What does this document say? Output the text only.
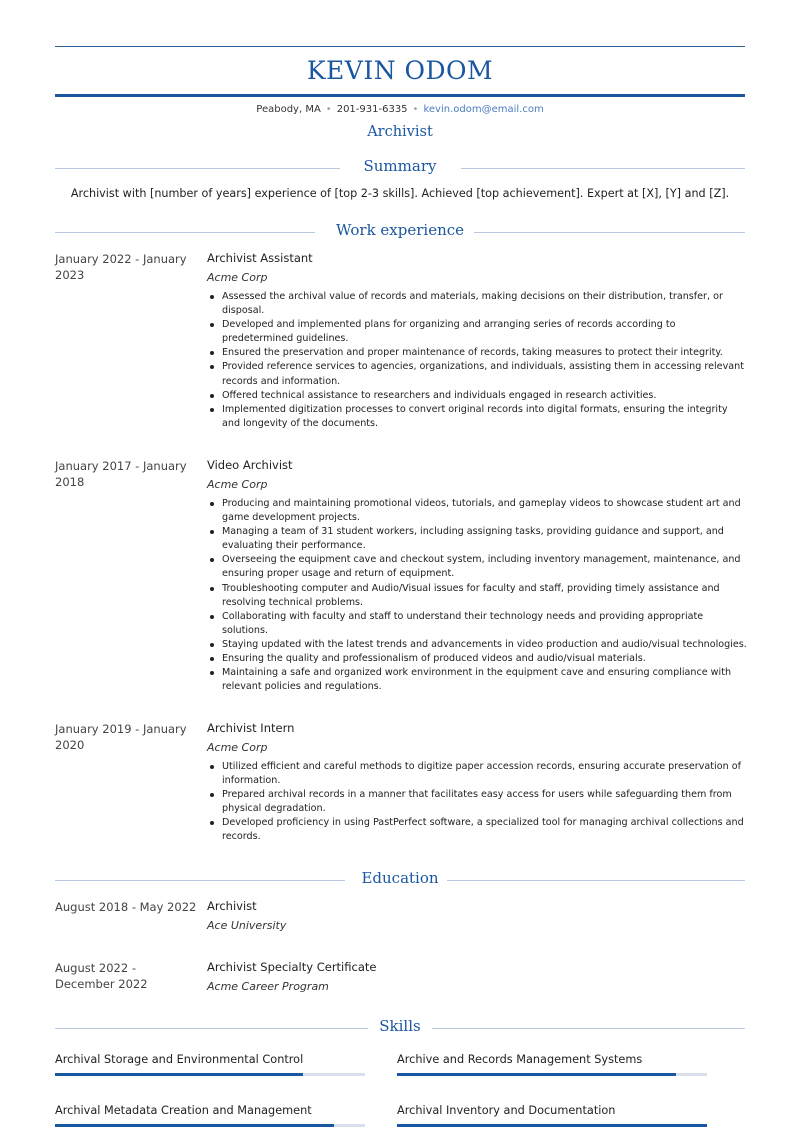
KEVIN ODOM
Peabody, MA • 201-931-6335 • kevin.odom@email.com
Archivist
Summary
Archivist with [number of years] experience of [top 2-3 skills]. Achieved [top achievement]. Expert at [X], [Y] and [Z].
Work experience
January 2022 - January 2023
Archivist Assistant
Acme Corp
Assessed the archival value of records and materials, making decisions on their distribution, transfer, or disposal.
Developed and implemented plans for organizing and arranging series of records according to predetermined guidelines.
Ensured the preservation and proper maintenance of records, taking measures to protect their integrity.
Provided reference services to agencies, organizations, and individuals, assisting them in accessing relevant records and information.
Offered technical assistance to researchers and individuals engaged in research activities.
Implemented digitization processes to convert original records into digital formats, ensuring the integrity and longevity of the documents.
January 2017 - January 2018
Video Archivist
Acme Corp
Producing and maintaining promotional videos, tutorials, and gameplay videos to showcase student art and game development projects.
Managing a team of 31 student workers, including assigning tasks, providing guidance and support, and evaluating their performance.
Overseeing the equipment cave and checkout system, including inventory management, maintenance, and ensuring proper usage and return of equipment.
Troubleshooting computer and Audio/Visual issues for faculty and staff, providing timely assistance and resolving technical problems.
Collaborating with faculty and staff to understand their technology needs and providing appropriate solutions.
Staying updated with the latest trends and advancements in video production and audio/visual technologies.
Ensuring the quality and professionalism of produced videos and audio/visual materials.
Maintaining a safe and organized work environment in the equipment cave and ensuring compliance with relevant policies and regulations.
January 2019 - January 2020
Archivist Intern
Acme Corp
Utilized efficient and careful methods to digitize paper accession records, ensuring accurate preservation of information.
Prepared archival records in a manner that facilitates easy access for users while safeguarding them from physical degradation.
Developed proficiency in using PastPerfect software, a specialized tool for managing archival collections and records.
Education
August 2018 - May 2022 Archivist
Ace University
August 2022 - December 2022
Archivist Specialty Certificate
Acme Career Program
Skills
Archival Storage and Environmental Control	Archive and Records Management Systems
Archival Metadata Creation and Management	Archival Inventory and Documentation
